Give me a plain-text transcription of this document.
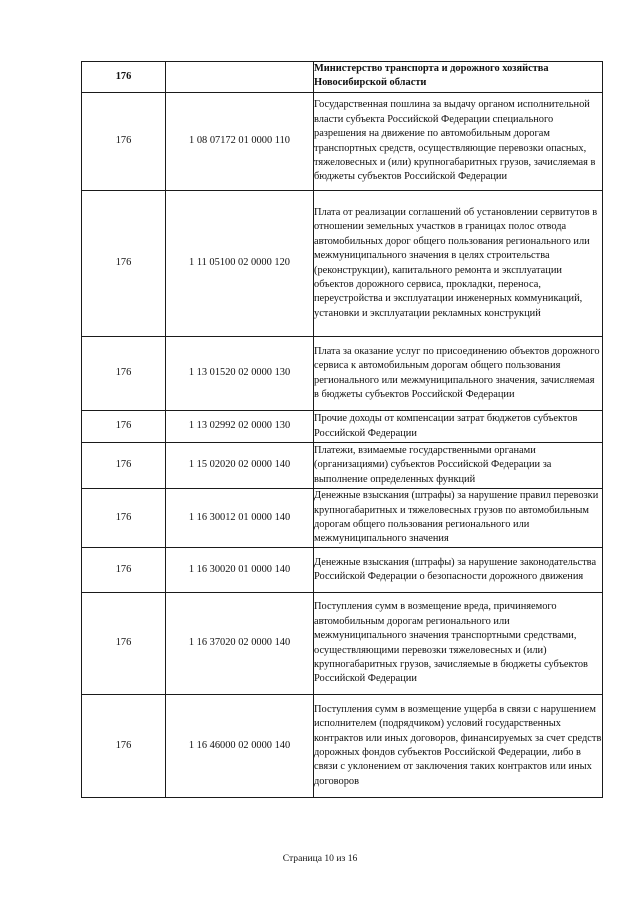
176		Министерство транспорта и дорожного хозяйства Новосибирской области

176	1 08 07172 01 0000 110	Государственная пошлина за выдачу органом исполнительной власти субъекта Российской Федерации специального разрешения на движение по автомобильным дорогам транспортных средств, осуществляющие перевозки опасных, тяжеловесных и (или) крупногабаритных грузов, зачисляемая в бюджеты субъектов Российской Федерации

176	1 11 05100 02 0000 120	Плата от реализации соглашений об установлении сервитутов в отношении земельных участков в границах полос отвода автомобильных дорог общего пользования регионального или межмуниципального значения в целях строительства (реконструкции), капитального ремонта и эксплуатации объектов дорожного сервиса, прокладки, переноса, переустройства и эксплуатации инженерных коммуникаций, установки и эксплуатации рекламных конструкций

176	1 13 01520 02 0000 130	Плата за оказание услуг по присоединению объектов дорожного сервиса к автомобильным дорогам общего пользования регионального или межмуниципального значения, зачисляемая в бюджеты субъектов Российской Федерации

176	1 13 02992 02 0000 130	Прочие доходы от компенсации затрат бюджетов субъектов Российской Федерации

176	1 15 02020 02 0000 140	Платежи, взимаемые государственными органами (организациями) субъектов Российской Федерации за выполнение определенных функций

176	1 16 30012 01 0000 140	Денежные взыскания (штрафы) за нарушение правил перевозки крупногабаритных и тяжеловесных грузов по автомобильным дорогам общего пользования регионального или межмуниципального значения

176	1 16 30020 01 0000 140	Денежные взыскания (штрафы) за нарушение законодательства Российской Федерации о безопасности дорожного движения

176	1 16 37020 02 0000 140	Поступления сумм в возмещение вреда, причиняемого автомобильным дорогам регионального или межмуниципального значения транспортными средствами, осуществляющими перевозки тяжеловесных и (или) крупногабаритных грузов, зачисляемые в бюджеты субъектов Российской Федерации

176	1 16 46000 02 0000 140	Поступления сумм в возмещение ущерба в связи с нарушением исполнителем (подрядчиком) условий государственных контрактов или иных договоров, финансируемых за счет средств дорожных фондов субъектов Российской Федерации, либо в связи с уклонением от заключения таких контрактов или иных договоров
Страница 10 из 16
